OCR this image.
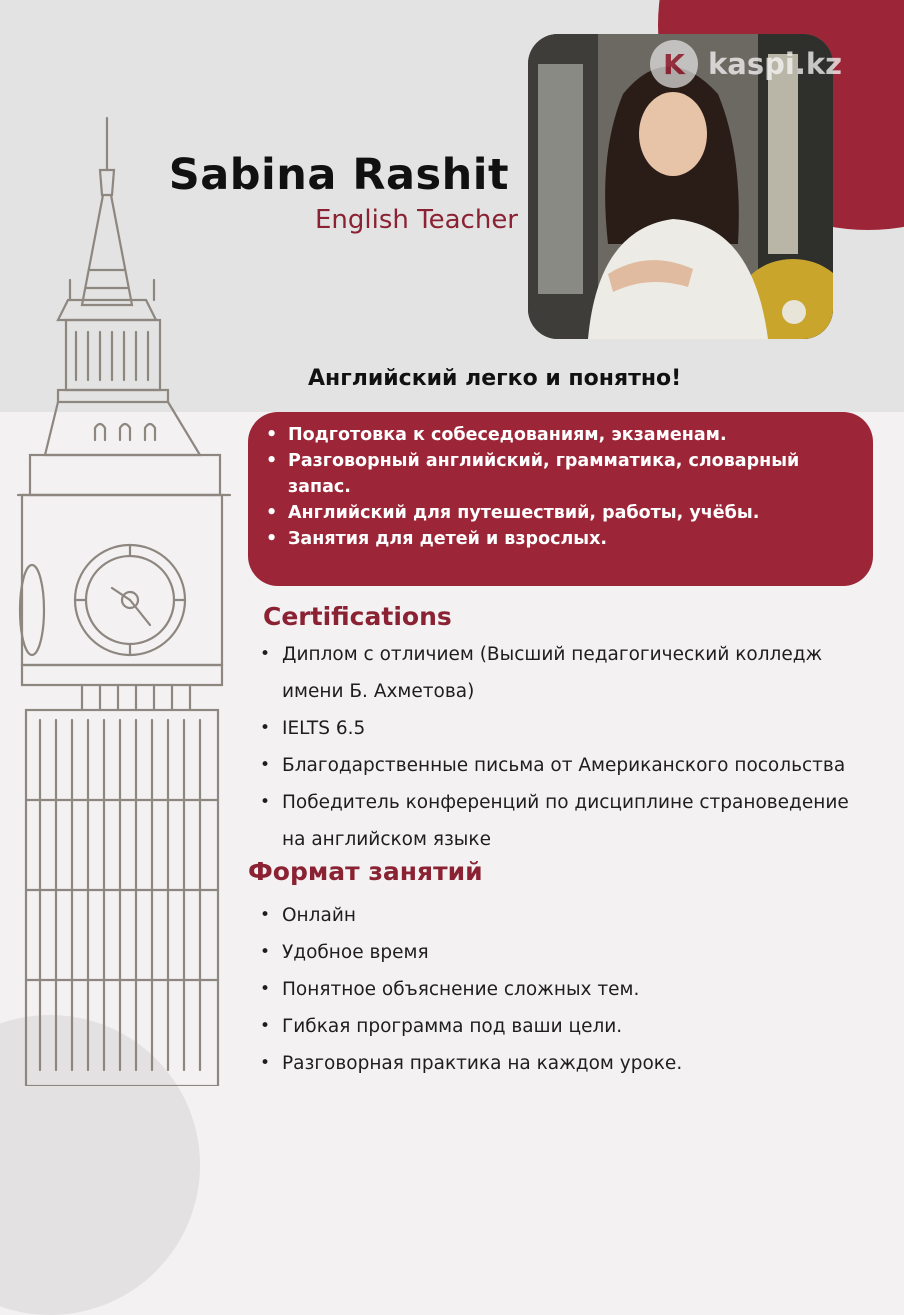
Sabina Rashit
English Teacher
K kaspi.kz
Английский легко и понятно!
• Подготовка к собеседованиям, экзаменам.
• Разговорный английский, грамматика, словарный запас.
• Английский для путешествий, работы, учёбы.
• Занятия для детей и взрослых.
Certifications
• Диплом с отличием (Высший педагогический колледж имени Б. Ахметова)
• IELTS 6.5
• Благодарственные письма от Американского посольства
• Победитель конференций по дисциплине страноведение на английском языке
Формат занятий
• Онлайн
• Удобное время
• Понятное объяснение сложных тем.
• Гибкая программа под ваши цели.
• Разговорная практика на каждом уроке.
